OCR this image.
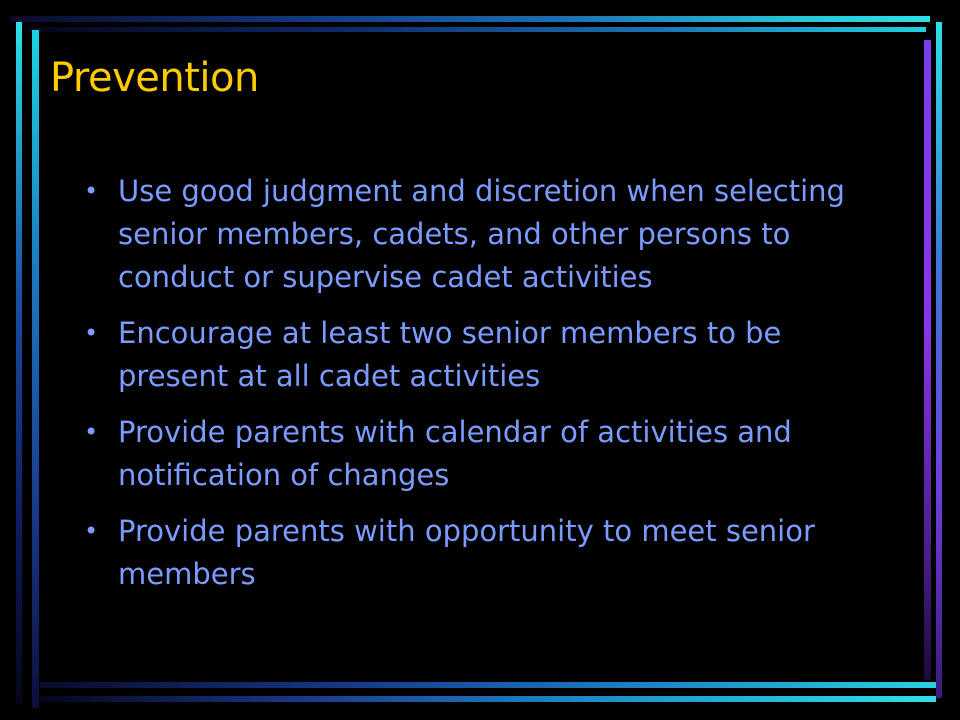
Prevention
• Use good judgment and discretion when selecting senior members, cadets, and other persons to conduct or supervise cadet activities
• Encourage at least two senior members to be present at all cadet activities
• Provide parents with calendar of activities and notification of changes
• Provide parents with opportunity to meet senior members
